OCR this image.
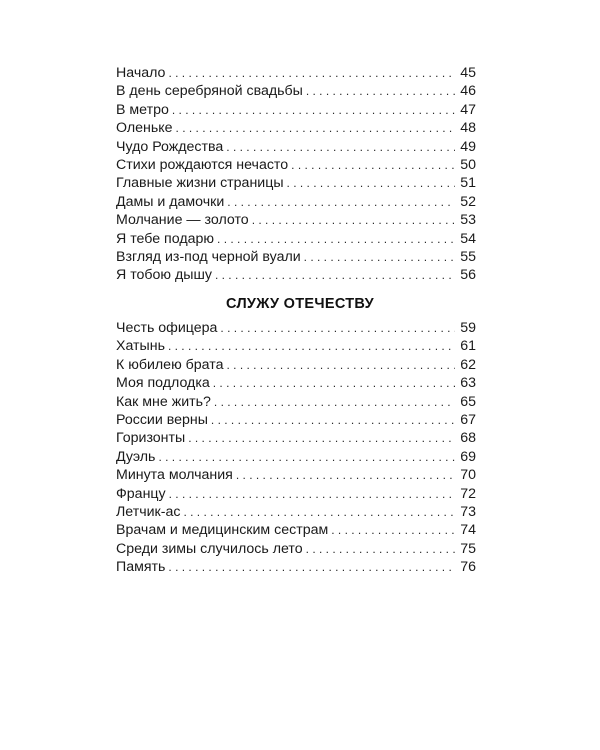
Начало . . .	45
В день серебряной свадьбы . . .	46
В метро . . .	47
Оленьке . . .	48
Чудо Рождества . . .	49
Стихи рождаются нечасто . . .	50
Главные жизни страницы . . .	51
Дамы и дамочки . . .	52
Молчание — золото . . .	53
Я тебе подарю . . .	54
Взгляд из-под черной вуали . . .	55
Я тобою дышу . . .	56
СЛУЖУ ОТЕЧЕСТВУ
Честь офицера . . .	59
Хатынь . . .	61
К юбилею брата . . .	62
Моя подлодка . . .	63
Как мне жить? . . .	65
России верны . . .	67
Горизонты . . .	68
Дуэль . . .	69
Минута молчания . . .	70
Францу . . .	72
Летчик-ас . . .	73
Врачам и медицинским сестрам . . .	74
Среди зимы случилось лето . . .	75
Память . . .	76
